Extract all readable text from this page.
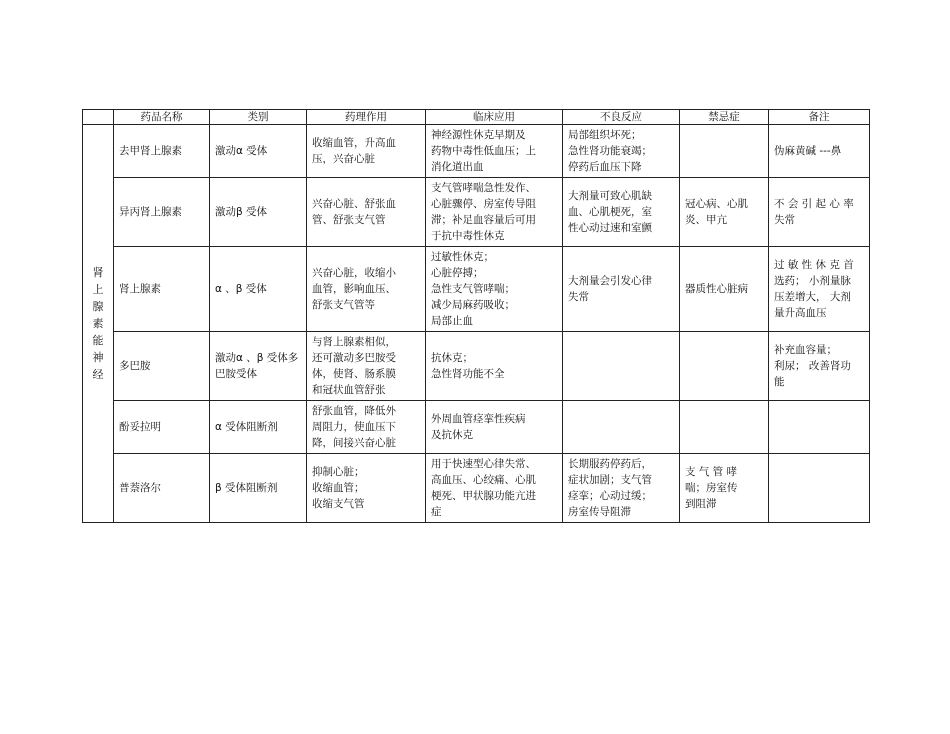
	药品名称	类别	药理作用	临床应用	不良反应	禁忌症	备注

肾上腺素能神经	去甲肾上腺素	激动α 受体	收缩血管，升高血
压，兴奋心脏	神经源性休克早期及
药物中毒性低血压；上
消化道出血	局部组织坏死；
急性肾功能衰竭；
停药后血压下降		伪麻黄碱 ---鼻

	异丙肾上腺素	激动β 受体	兴奋心脏、舒张血
管、舒张支气管	支气管哮喘急性发作、
心脏骤停、房室传导阻
滞；补足血容量后可用
于抗中毒性休克	大剂量可致心肌缺
血、心肌梗死，室
性心动过速和室颤	冠心病、心肌
炎、甲亢	不 会 引 起 心 率
失常

	肾上腺素	α 、β 受体	兴奋心脏，收缩小
血管，影响血压、
舒张支气管等	过敏性休克；
心脏停搏；
急性支气管哮喘；
减少局麻药吸收；
局部止血	大剂量会引发心律
失常	器质性心脏病	过 敏 性 休 克 首
选药； 小剂量脉
压差增大， 大剂
量升高血压

	多巴胺	激动α 、β 受体多巴胺受体	与肾上腺素相似，
还可激动多巴胺受
体，使肾、肠系膜
和冠状血管舒张	抗休克；
急性肾功能不全			补充血容量；
利尿； 改善肾功
能

	酚妥拉明	α 受体阻断剂	舒张血管，降低外
周阻力，使血压下
降，间接兴奋心脏	外周血管痉挛性疾病
及抗休克			

	普萘洛尔	β 受体阻断剂	抑制心脏；
收缩血管；
收缩支气管	用于快速型心律失常、
高血压、心绞痛、心肌
梗死、甲状腺功能亢进
症	长期服药停药后，
症状加剧；支气管
痉挛；心动过缓；
房室传导阻滞	支 气 管 哮
喘；房室传
到阻滞	
